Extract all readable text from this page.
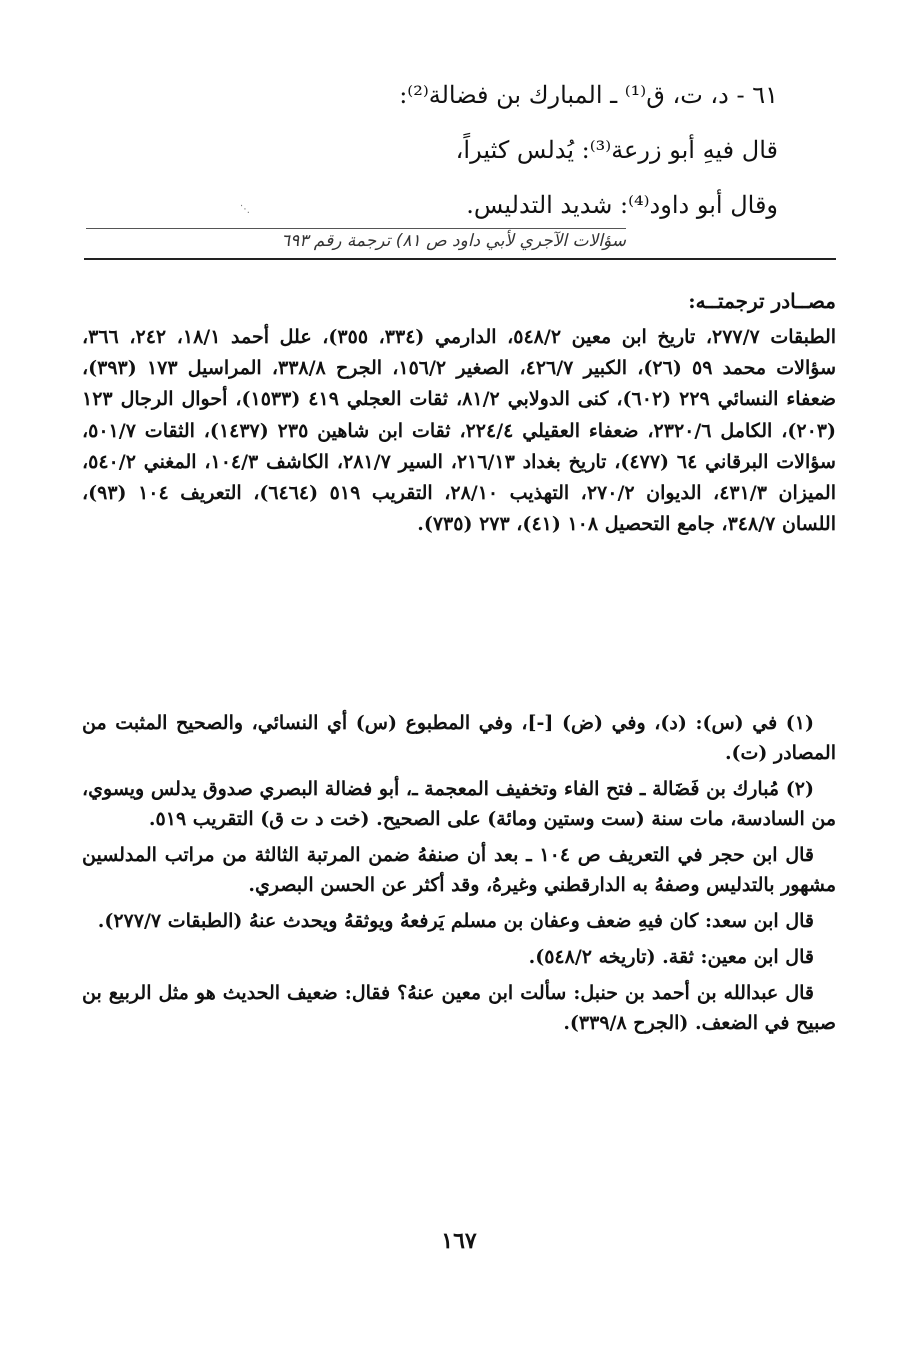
٦١ - د، ت، ق⁽¹⁾ ـ المبارك بن فضالة⁽²⁾:
قال فيهِ أبو زرعة⁽³⁾: يُدلس كثيراً،
وقال أبو داود⁽⁴⁾: شديد التدليس.
⋰
سؤالات الآجري لأبي داود ص ٨١) ترجمة رقم ٦٩٣
مصــادر ترجمتــه:
الطبقات ٢٧٧/٧، تاريخ ابن معين ٥٤٨/٢، الدارمي (٣٣٤، ٣٥٥)، علل أحمد ١٨/١، ٢٤٢، ٣٦٦، سؤالات محمد ٥٩ (٢٦)، الكبير ٤٢٦/٧، الصغير ١٥٦/٢، الجرح ٣٣٨/٨، المراسيل ١٧٣ (٣٩٣)، ضعفاء النسائي ٢٢٩ (٦٠٢)، كنى الدولابي ٨١/٢، ثقات العجلي ٤١٩ (١٥٣٣)، أحوال الرجال ١٢٣ (٢٠٣)، الكامل ٢٣٢٠/٦، ضعفاء العقيلي ٢٢٤/٤، ثقات ابن شاهين ٢٣٥ (١٤٣٧)، الثقات ٥٠١/٧، سؤالات البرقاني ٦٤ (٤٧٧)، تاريخ بغداد ٢١٦/١٣، السير ٢٨١/٧، الكاشف ١٠٤/٣، المغني ٥٤٠/٢، الميزان ٤٣١/٣، الديوان ٢٧٠/٢، التهذيب ٢٨/١٠، التقريب ٥١٩ (٦٤٦٤)، التعريف ١٠٤ (٩٣)، اللسان ٣٤٨/٧، جامع التحصيل ١٠٨ (٤١)، ٢٧٣ (٧٣٥).

(١) في (س): (د)، وفي (ض) [-]، وفي المطبوع (س) أي النسائي، والصحيح المثبت من المصادر (ت).

(٢) مُبارك بن فَضَالة ـ فتح الفاء وتخفيف المعجمة ـ، أبو فضالة البصري صدوق يدلس ويسوي، من السادسة، مات سنة (ست وستين ومائة) على الصحيح. (خت د ت ق) التقريب ٥١٩.

قال ابن حجر في التعريف ص ١٠٤ ـ بعد أن صنفهُ ضمن المرتبة الثالثة من مراتب المدلسين مشهور بالتدليس وصفهُ به الدارقطني وغيرهُ، وقد أكثر عن الحسن البصري.

قال ابن سعد: كان فيهِ ضعف وعفان بن مسلم يَرفعهُ ويوثقهُ ويحدث عنهُ (الطبقات ٢٧٧/٧).

قال ابن معين: ثقة. (تاريخه ٥٤٨/٢).

قال عبدالله بن أحمد بن حنبل: سألت ابن معين عنهُ؟ فقال: ضعيف الحديث هو مثل الربيع بن صبيح في الضعف. (الجرح ٣٣٩/٨).

١٦٧
